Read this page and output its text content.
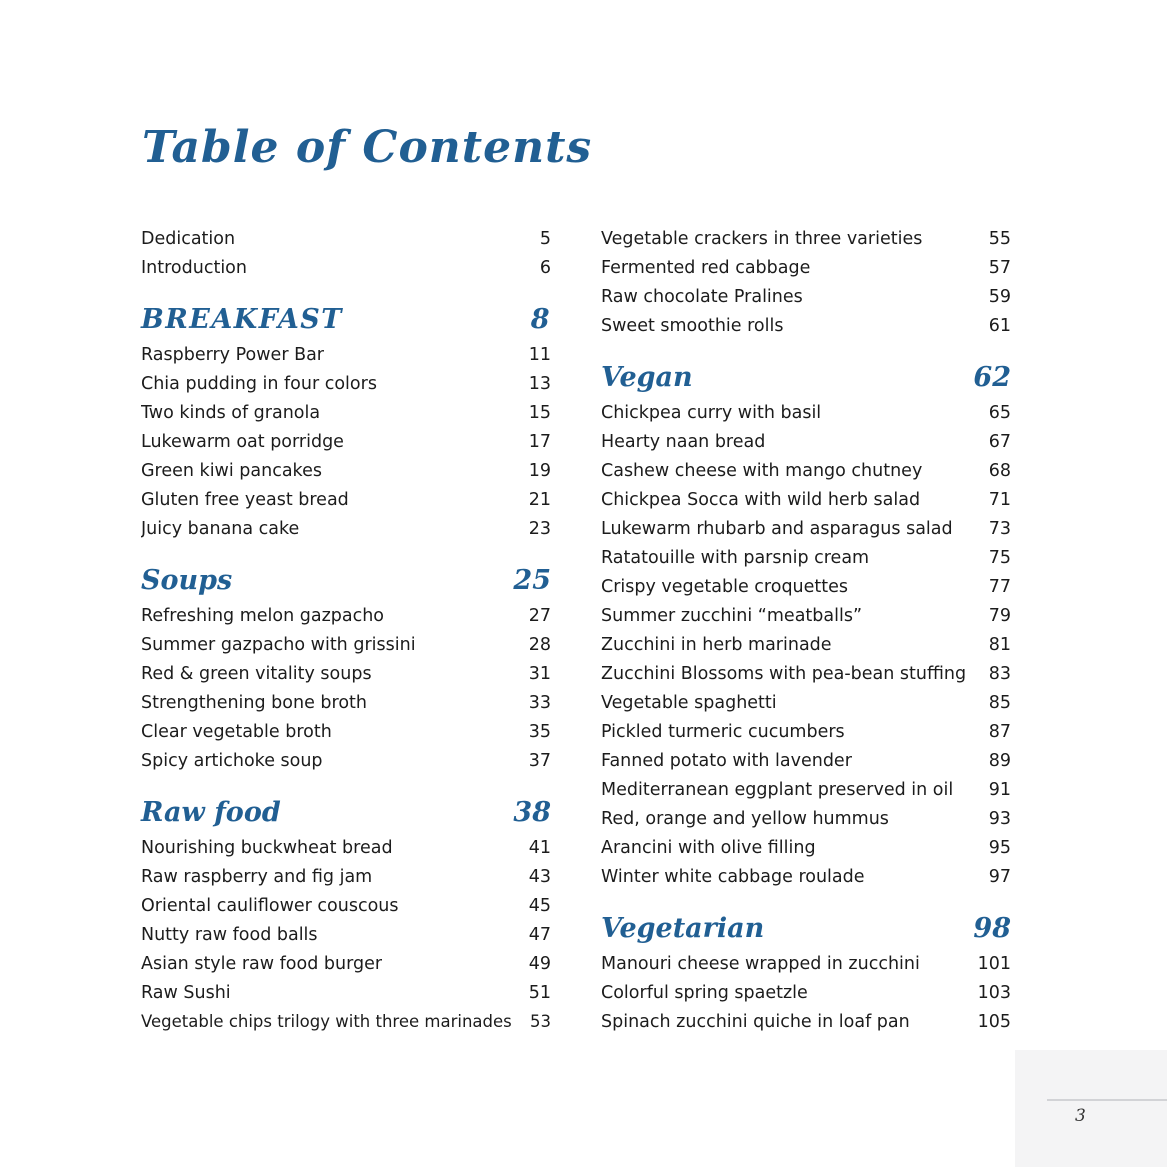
Table of Contents
Dedication	5
Introduction	6
BREAKFAST	8
Raspberry Power Bar	11
Chia pudding in four colors	13
Two kinds of granola	15
Lukewarm oat porridge	17
Green kiwi pancakes	19
Gluten free yeast bread	21
Juicy banana cake	23
Soups	25
Refreshing melon gazpacho	27
Summer gazpacho with grissini	28
Red & green vitality soups	31
Strengthening bone broth	33
Clear vegetable broth	35
Spicy artichoke soup	37
Raw food	38
Nourishing buckwheat bread	41
Raw raspberry and fig jam	43
Oriental cauliflower couscous	45
Nutty raw food balls	47
Asian style raw food burger	49
Raw Sushi	51
Vegetable chips trilogy with three marinades	53
Vegetable crackers in three varieties	55
Fermented red cabbage	57
Raw chocolate Pralines	59
Sweet smoothie rolls	61
Vegan	62
Chickpea curry with basil	65
Hearty naan bread	67
Cashew cheese with mango chutney	68
Chickpea Socca with wild herb salad	71
Lukewarm rhubarb and asparagus salad	73
Ratatouille with parsnip cream	75
Crispy vegetable croquettes	77
Summer zucchini “meatballs”	79
Zucchini in herb marinade	81
Zucchini Blossoms with pea-bean stuffing	83
Vegetable spaghetti	85
Pickled turmeric cucumbers	87
Fanned potato with lavender	89
Mediterranean eggplant preserved in oil	91
Red, orange and yellow hummus	93
Arancini with olive filling	95
Winter white cabbage roulade	97
Vegetarian	98
Manouri cheese wrapped in zucchini	101
Colorful spring spaetzle	103
Spinach zucchini quiche in loaf pan	105
3
